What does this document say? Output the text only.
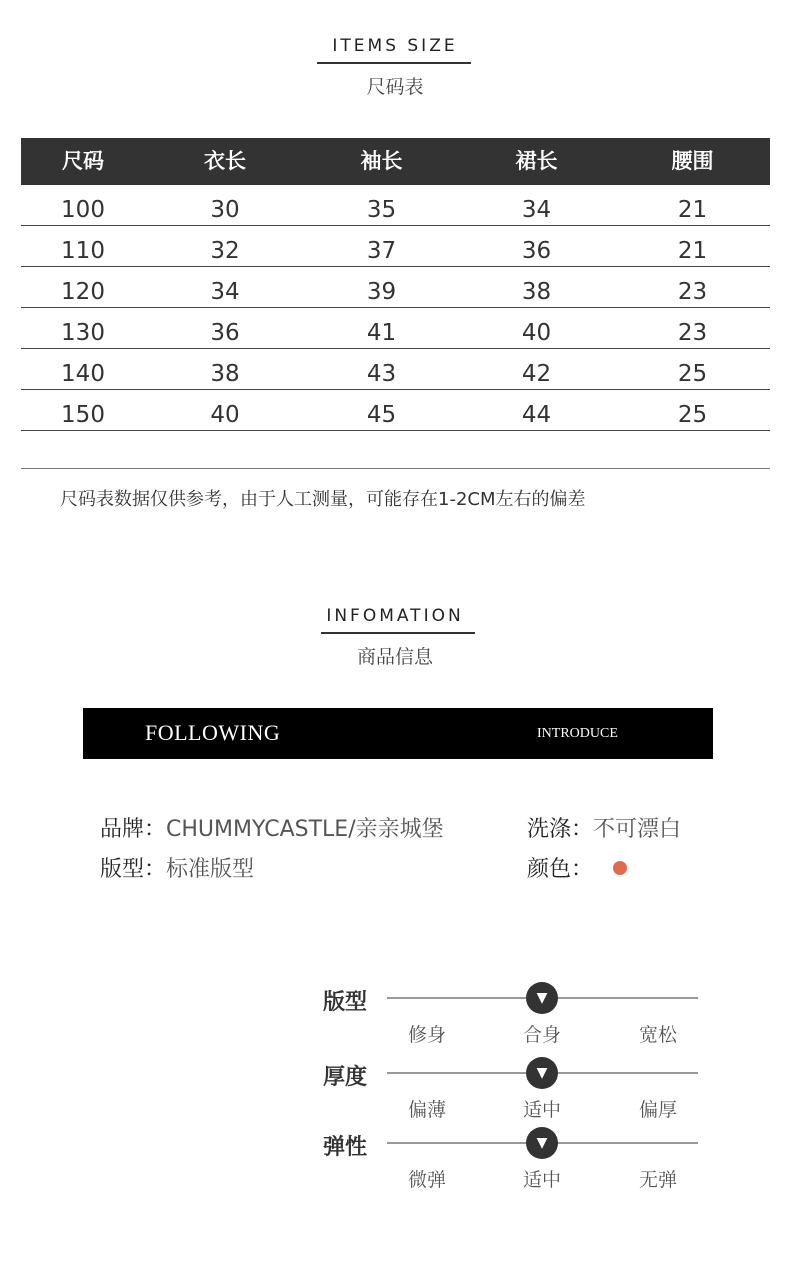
ITEMS SIZE
尺码表
尺码	衣长	袖长	裙长	腰围
100	30	35	34	21
110	32	37	36	21
120	34	39	38	23
130	36	41	40	23
140	38	43	42	25
150	40	45	44	25
尺码表数据仅供参考，由于人工测量，可能存在1-2CM左右的偏差
INFOMATION
商品信息
FOLLOWING	INTRODUCE
品牌：CHUMMYCASTLE/亲亲城堡	洗涤：不可漂白
版型：标准版型	颜色：
版型	▼
修身	合身	宽松
厚度	▼
偏薄	适中	偏厚
弹性	▼
微弹	适中	无弹
